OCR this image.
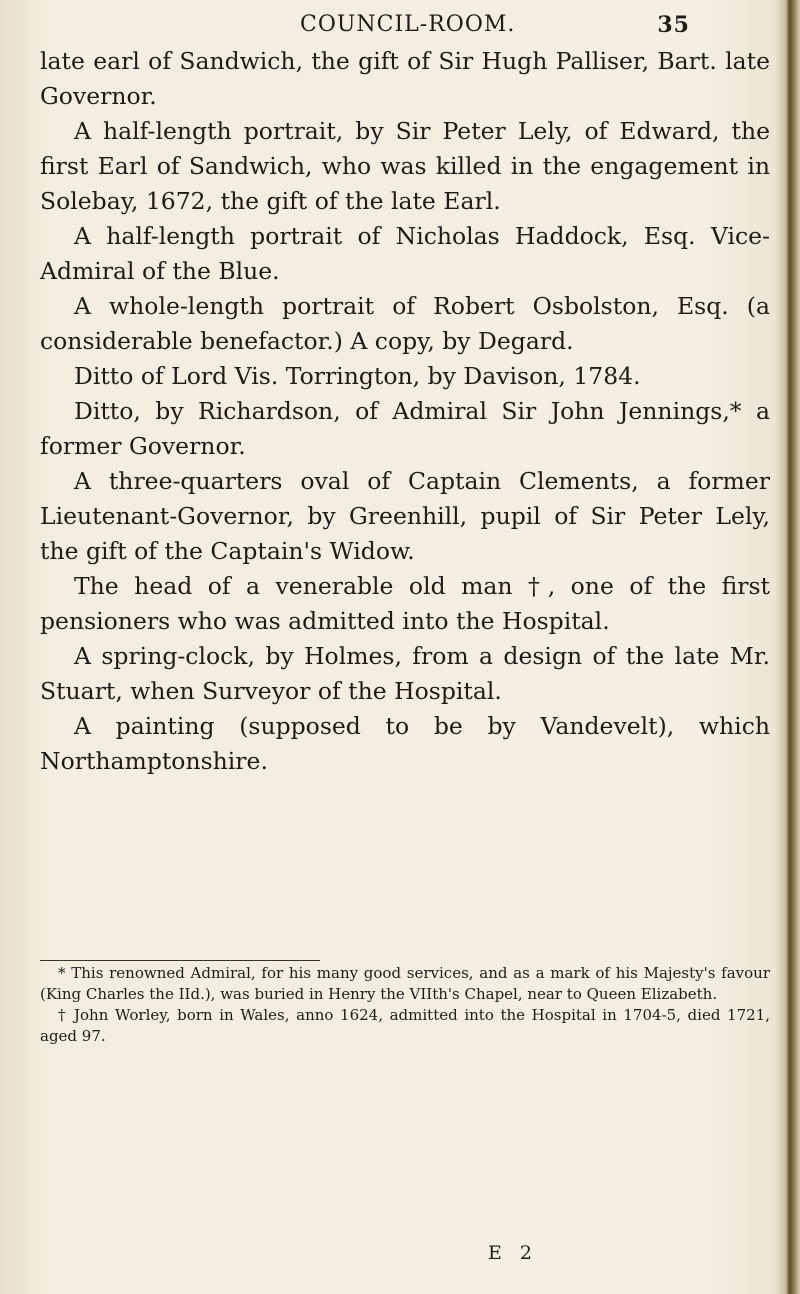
COUNCIL-ROOM.	35

late earl of Sandwich, the gift of Sir Hugh Palliser, Bart. late Governor.

A half-length portrait, by Sir Peter Lely, of Edward, the first Earl of Sandwich, who was killed in the engagement in Solebay, 1672, the gift of the late Earl.

A half-length portrait of Nicholas Haddock, Esq. Vice-Admiral of the Blue.

A whole-length portrait of Robert Osbolston, Esq. (a considerable benefactor.) A copy, by Degard.

Ditto of Lord Vis. Torrington, by Davison, 1784.

Ditto, by Richardson, of Admiral Sir John Jennings,* a former Governor.

A three-quarters oval of Captain Clements, a former Lieutenant-Governor, by Greenhill, pupil of Sir Peter Lely, the gift of the Captain's Widow.

The head of a venerable old man †, one of the first pensioners who was admitted into the Hospital.

A spring-clock, by Holmes, from a design of the late Mr. Stuart, when Surveyor of the Hospital.

A painting (supposed to be by Vandevelt), which Northamptonshire.

* This renowned Admiral, for his many good services, and as a mark of his Majesty's favour (King Charles the IId.), was buried in Henry the VIIth's Chapel, near to Queen Elizabeth.

† John Worley, born in Wales, anno 1624, admitted into the Hospital in 1704-5, died 1721, aged 97.

E 2
